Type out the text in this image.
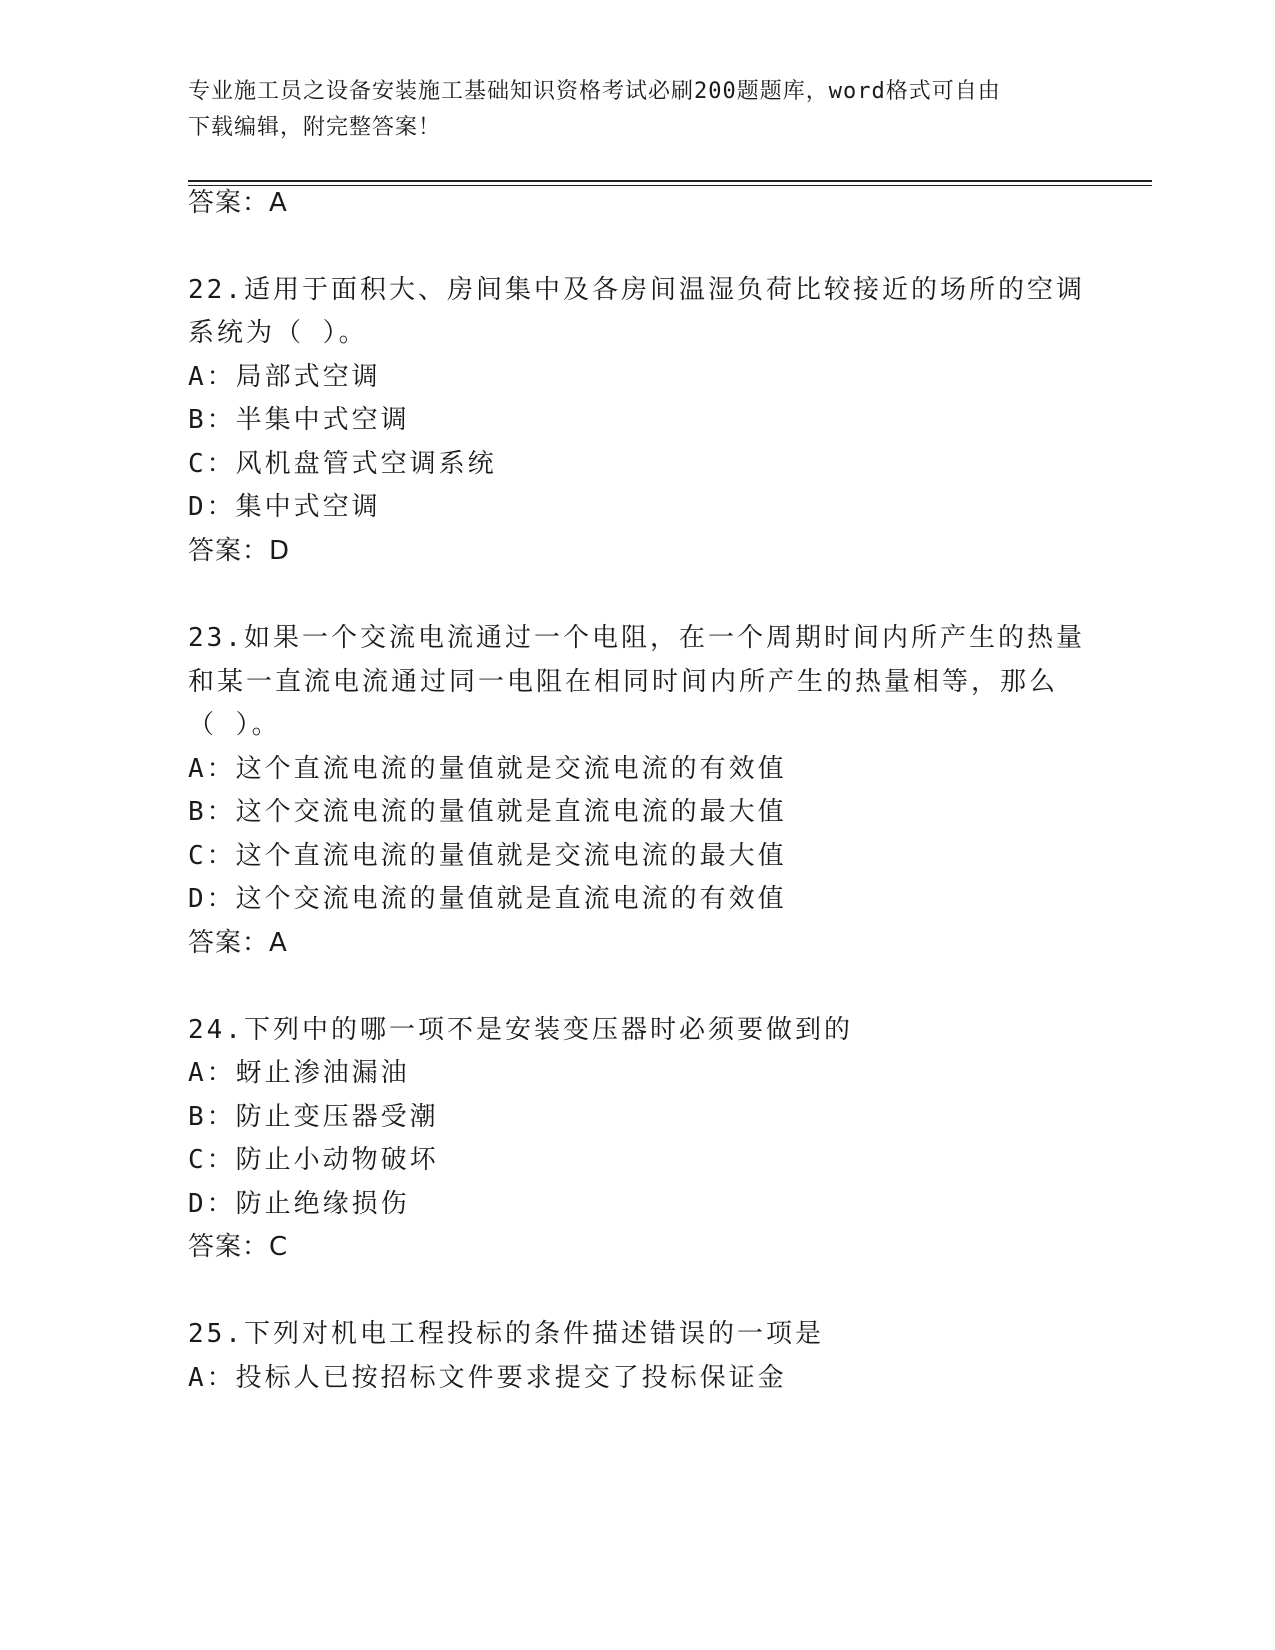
专业施工员之设备安装施工基础知识资格考试必刷200题题库，word格式可自由
下载编辑，附完整答案！
答案：A
22.适用于面积大、房间集中及各房间温湿负荷比较接近的场所的空调
系统为（ ）。
A：局部式空调
B：半集中式空调
C：风机盘管式空调系统
D：集中式空调
答案：D
23.如果一个交流电流通过一个电阻，在一个周期时间内所产生的热量
和某一直流电流通过同一电阻在相同时间内所产生的热量相等，那么
（ ）。
A：这个直流电流的量值就是交流电流的有效值
B：这个交流电流的量值就是直流电流的最大值
C：这个直流电流的量值就是交流电流的最大值
D：这个交流电流的量值就是直流电流的有效值
答案：A
24.下列中的哪一项不是安装变压器时必须要做到的
A：蚜止渗油漏油
B：防止变压器受潮
C：防止小动物破坏
D：防止绝缘损伤
答案：C
25.下列对机电工程投标的条件描述错误的一项是
A：投标人已按招标文件要求提交了投标保证金
